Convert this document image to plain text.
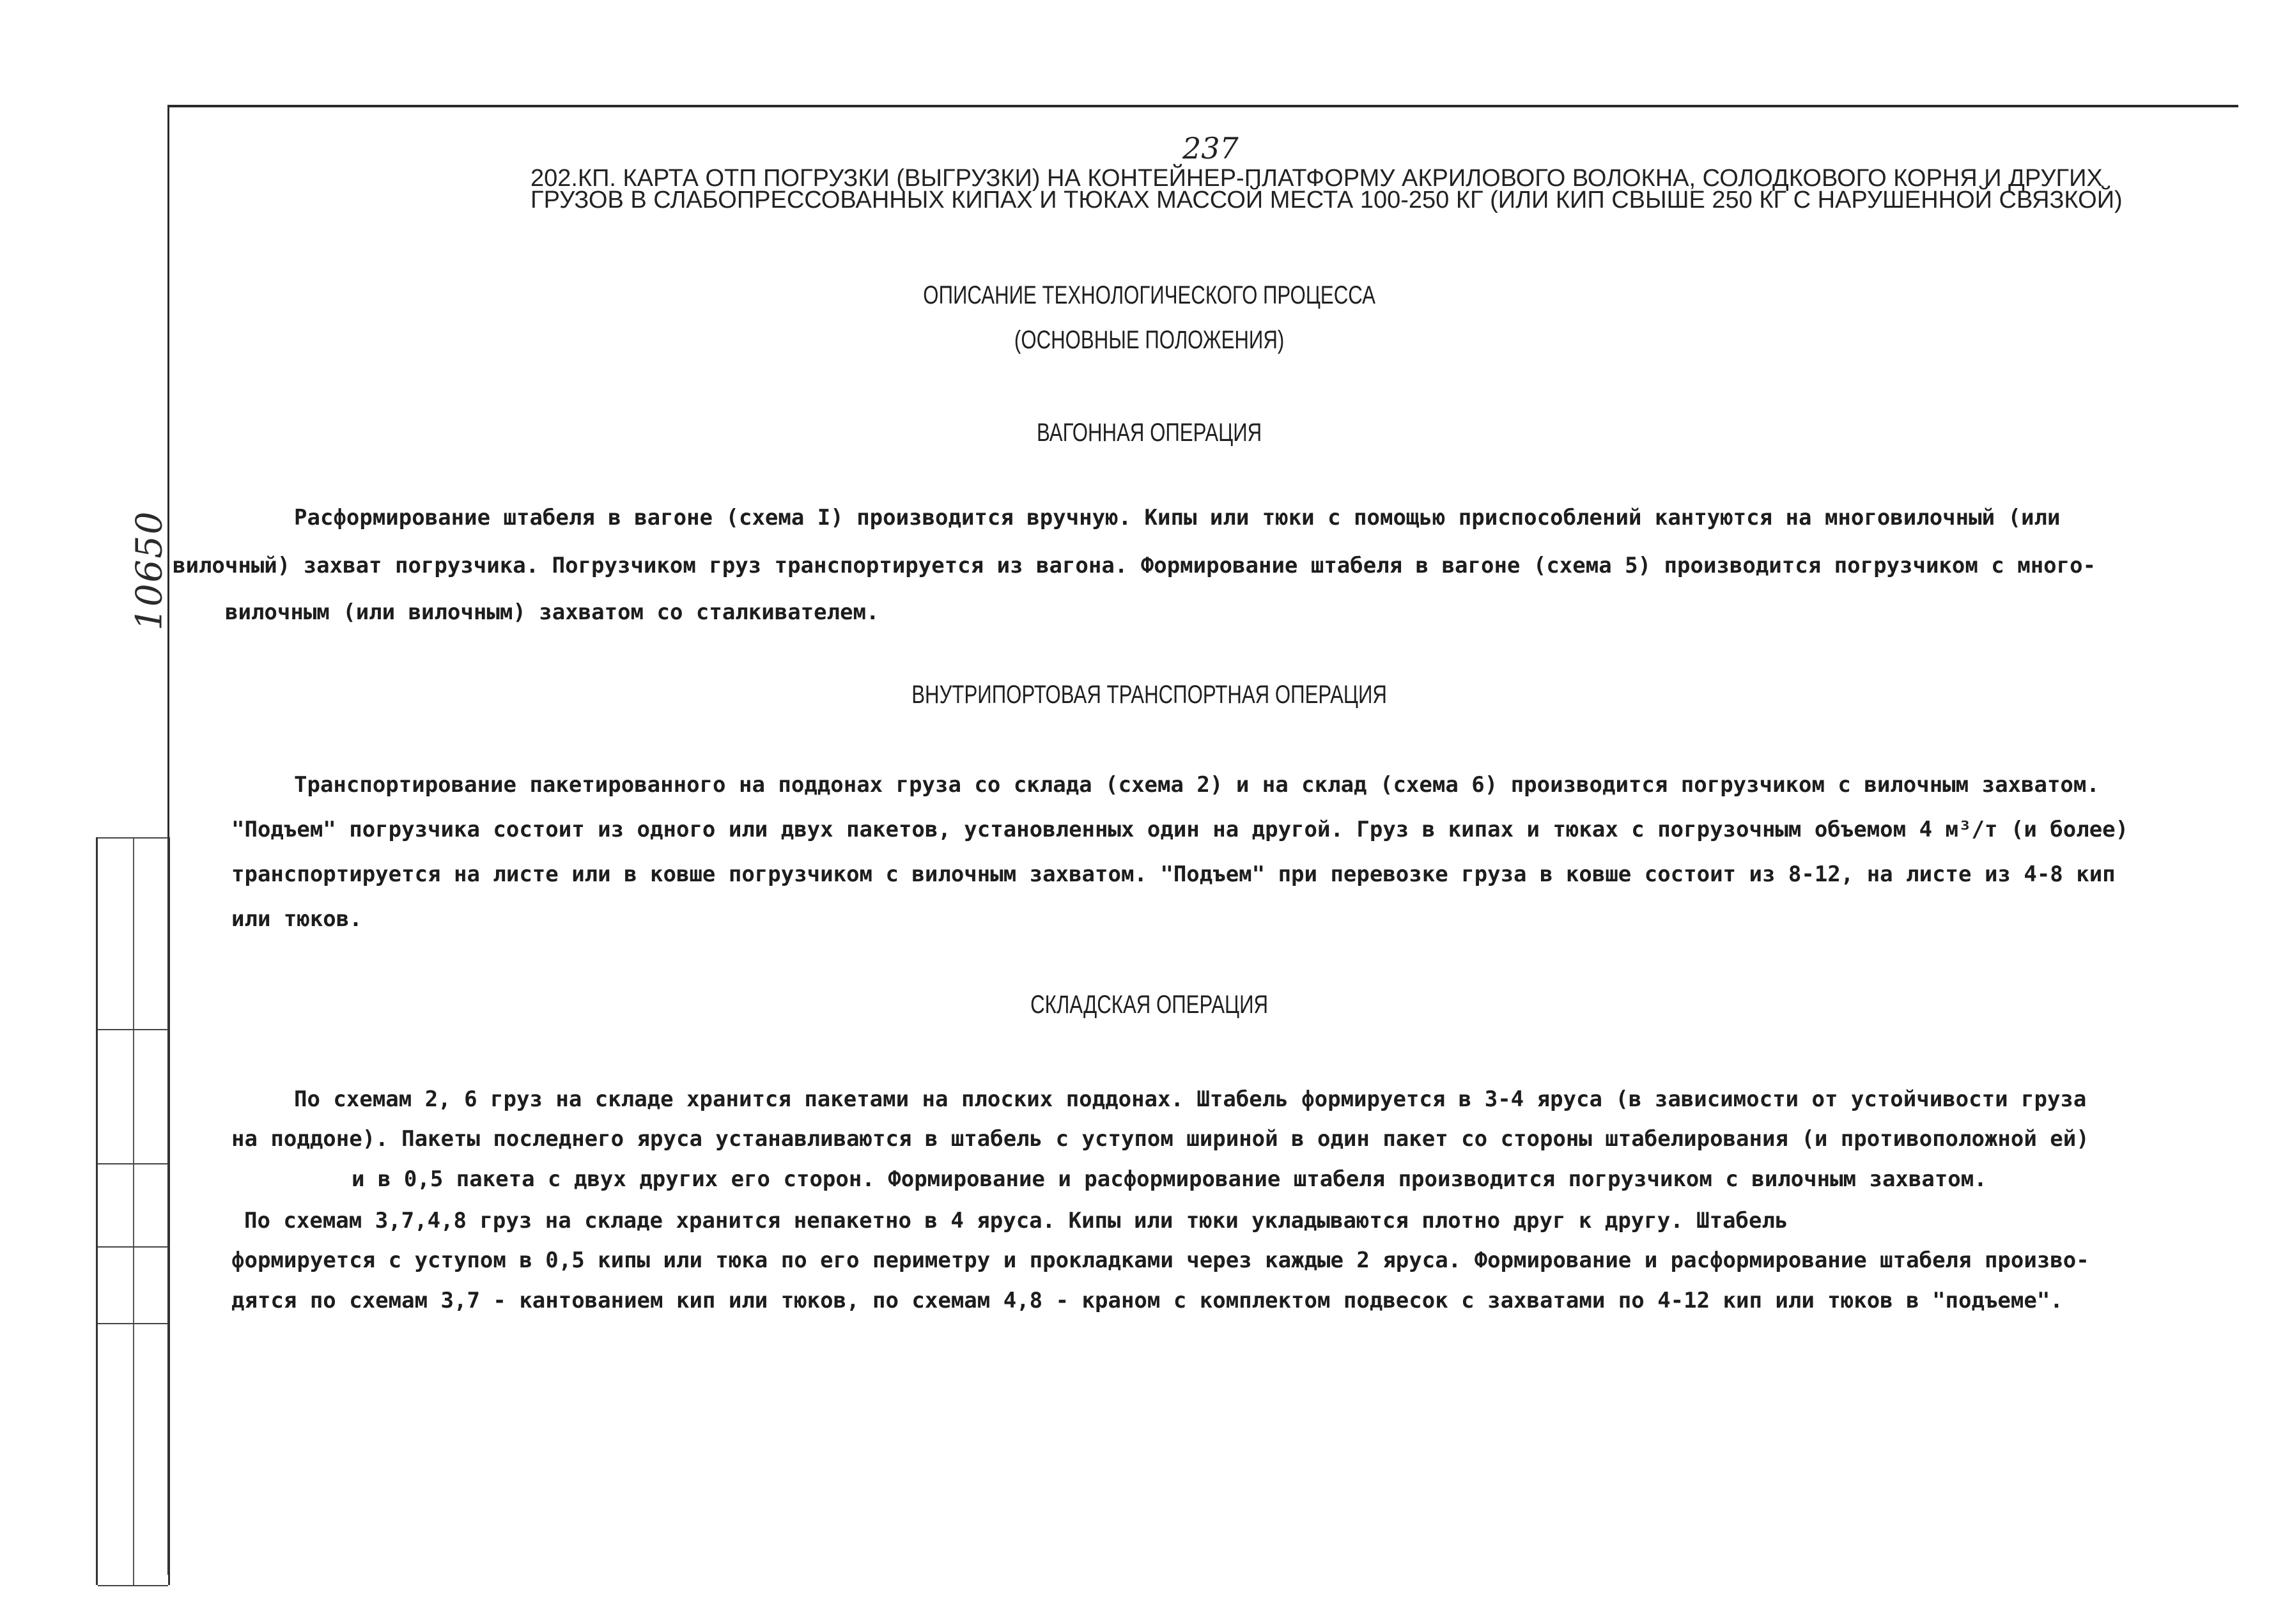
10650
237
202.КП. КАРТА ОТП ПОГРУЗКИ (ВЫГРУЗКИ) НА КОНТЕЙНЕР-ПЛАТФОРМУ АКРИЛОВОГО ВОЛОКНА, СОЛОДКОВОГО КОРНЯ И ДРУГИХ
ГРУЗОВ В СЛАБОПРЕССОВАННЫХ КИПАХ И ТЮКАХ МАССОЙ МЕСТА 100-250 КГ (ИЛИ КИП СВЫШЕ 250 КГ С НАРУШЕННОЙ СВЯЗКОЙ)
ОПИСАНИЕ ТЕХНОЛОГИЧЕСКОГО ПРОЦЕССА
(ОСНОВНЫЕ ПОЛОЖЕНИЯ)
ВАГОННАЯ ОПЕРАЦИЯ
Расформирование штабеля в вагоне (схема I) производится вручную. Кипы или тюки с помощью приспособлений кантуются на многовилочный (или
вилочный) захват погрузчика. Погрузчиком груз транспортируется из вагона. Формирование штабеля в вагоне (схема 5) производится погрузчиком с много-
вилочным (или вилочным) захватом со сталкивателем.
ВНУТРИПОРТОВАЯ ТРАНСПОРТНАЯ ОПЕРАЦИЯ
Транспортирование пакетированного на поддонах груза со склада (схема 2) и на склад (схема 6) производится погрузчиком с вилочным захватом.
"Подъем" погрузчика состоит из одного или двух пакетов, установленных один на другой. Груз в кипах и тюках с погрузочным объемом 4 м³/т (и более)
транспортируется на листе или в ковше погрузчиком с вилочным захватом. "Подъем" при перевозке груза в ковше состоит из 8-12, на листе из 4-8 кип
или тюков.
СКЛАДСКАЯ ОПЕРАЦИЯ
По схемам 2, 6 груз на складе хранится пакетами на плоских поддонах. Штабель формируется в 3-4 яруса (в зависимости от устойчивости груза
на поддоне). Пакеты последнего яруса устанавливаются в штабель с уступом шириной в один пакет со стороны штабелирования (и противоположной ей)
и в 0,5 пакета с двух других его сторон. Формирование и расформирование штабеля производится погрузчиком с вилочным захватом.
По схемам 3,7,4,8 груз на складе хранится непакетно в 4 яруса. Кипы или тюки укладываются плотно друг к другу. Штабель
формируется с уступом в 0,5 кипы или тюка по его периметру и прокладками через каждые 2 яруса. Формирование и расформирование штабеля произво-
дятся по схемам 3,7 - кантованием кип или тюков, по схемам 4,8 - краном с комплектом подвесок с захватами по 4-12 кип или тюков в "подъеме".
